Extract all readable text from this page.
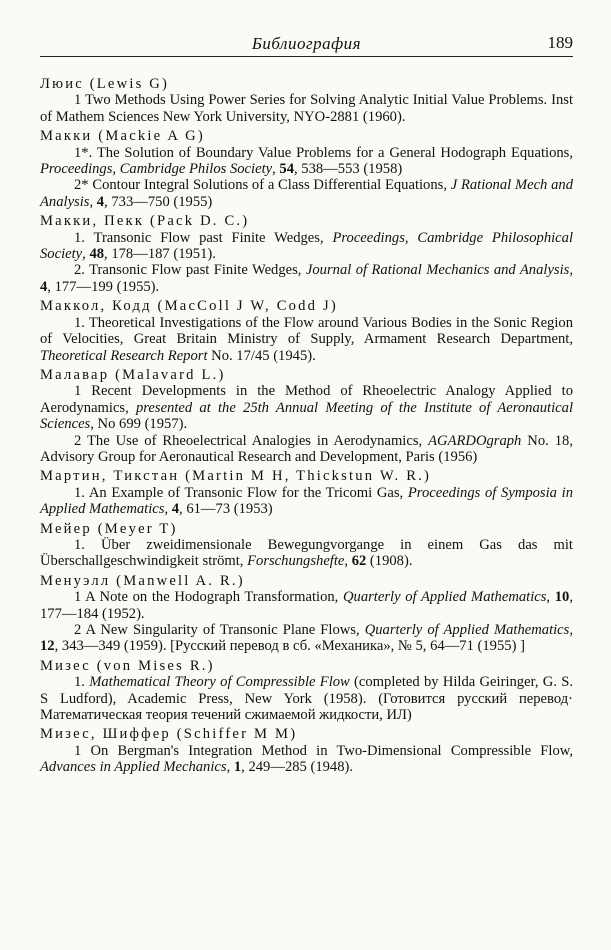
Библиография	189

Люис (Lewis G)

1 Two Methods Using Power Series for Solving Analytic Initial Value Problems. Inst of Mathem Sciences New York University, NYO-2881 (1960).

Макки (Mackie A G)

1*. The Solution of Boundary Value Problems for a General Hodograph Equations, Proceedings, Cambridge Philos Society, 54, 538—553 (1958)

2* Contour Integral Solutions of a Class Differential Equations, J Rational Mech and Analysis, 4, 733—750 (1955)

Макки, Пекк (Pack D. C.)

1. Transonic Flow past Finite Wedges, Proceedings, Cambridge Philosophical Society, 48, 178—187 (1951).

2. Transonic Flow past Finite Wedges, Journal of Rational Mechanics and Analysis, 4, 177—199 (1955).

Маккол, Кодд (MacColl J W, Codd J)

1. Theoretical Investigations of the Flow around Various Bodies in the Sonic Region of Velocities, Great Britain Ministry of Supply, Armament Research Department, Theoretical Research Report No. 17/45 (1945).

Малавар (Malavard L.)

1 Recent Developments in the Method of Rheoelectric Analogy Applied to Aerodynamics, presented at the 25th Annual Meeting of the Institute of Aeronautical Sciences, No 699 (1957).

2 The Use of Rheoelectrical Analogies in Aerodynamics, AGARDOgraph No. 18, Advisory Group for Aeronautical Research and Development, Paris (1956)

Мартин, Тикстан (Martin M H, Thickstun W. R.)

1. An Example of Transonic Flow for the Tricomi Gas, Proceedings of Symposia in Applied Mathematics, 4, 61—73 (1953)

Мейер (Meyer T)

1. Über zweidimensionale Bewegungvorgange in einem Gas das mit Überschallgeschwindigkeit strömt, Forschungshefte, 62 (1908).

Менуэлл (Manwell A. R.)

1 A Note on the Hodograph Transformation, Quarterly of Applied Mathematics, 10, 177—184 (1952).

2 A New Singularity of Transonic Plane Flows, Quarterly of Applied Mathematics, 12, 343—349 (1959). [Русский перевод в сб. «Механика», № 5, 64—71 (1955) ]

Мизес (von Mises R.)

1. Mathematical Theory of Compressible Flow (completed by Hilda Geiringer, G. S. S Ludford), Academic Press, New York (1958). (Готовится русский перевод· Математическая теория течений сжимаемой жидкости, ИЛ)

Мизес, Шиффер (Schiffer M M)

1 On Bergman's Integration Method in Two-Dimensional Compressible Flow, Advances in Applied Mechanics, 1, 249—285 (1948).
